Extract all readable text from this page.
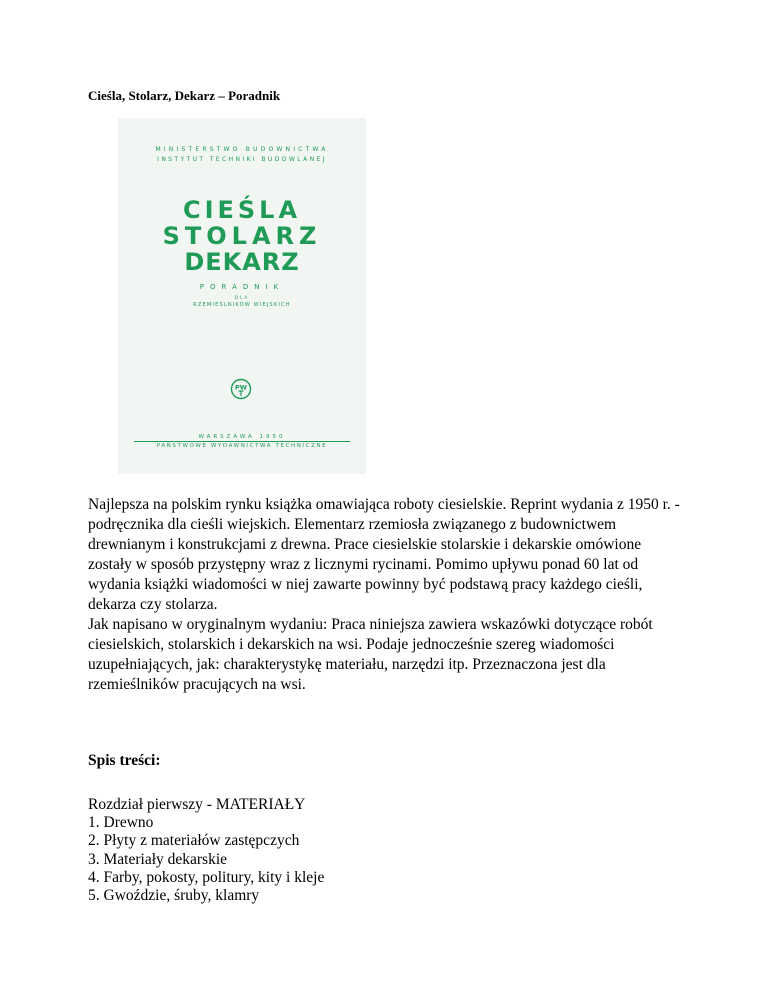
Cieśla, Stolarz, Dekarz – Poradnik

MINISTERSTWO BUDOWNICTWA
INSTYTUT TECHNIKI BUDOWLANEJ
CIEŚLA
STOLARZ
DEKARZ
PORADNIK
DLA
RZEMIEŚLNIKÓW WIEJSKICH
PW
WARSZAWA 1950
PAŃSTWOWE WYDAWNICTWA TECHNICZNE

Najlepsza na polskim rynku książka omawiająca roboty ciesielskie. Reprint wydania z 1950 r. - podręcznika dla cieśli wiejskich. Elementarz rzemiosła związanego z budownictwem drewnianym i konstrukcjami z drewna. Prace ciesielskie stolarskie i dekarskie omówione zostały w sposób przystępny wraz z licznymi rycinami. Pomimo upływu ponad 60 lat od wydania książki wiadomości w niej zawarte powinny być podstawą pracy każdego cieśli, dekarza czy stolarza.

Jak napisano w oryginalnym wydaniu: Praca niniejsza zawiera wskazówki dotyczące robót ciesielskich, stolarskich i dekarskich na wsi. Podaje jednocześnie szereg wiadomości uzupełniających, jak: charakterystykę materiału, narzędzi itp. Przeznaczona jest dla rzemieślników pracujących na wsi.

Spis treści:

Rozdział pierwszy - MATERIAŁY
1. Drewno
2. Płyty z materiałów zastępczych
3. Materiały dekarskie
4. Farby, pokosty, politury, kity i kleje
5. Gwoździe, śruby, klamry
